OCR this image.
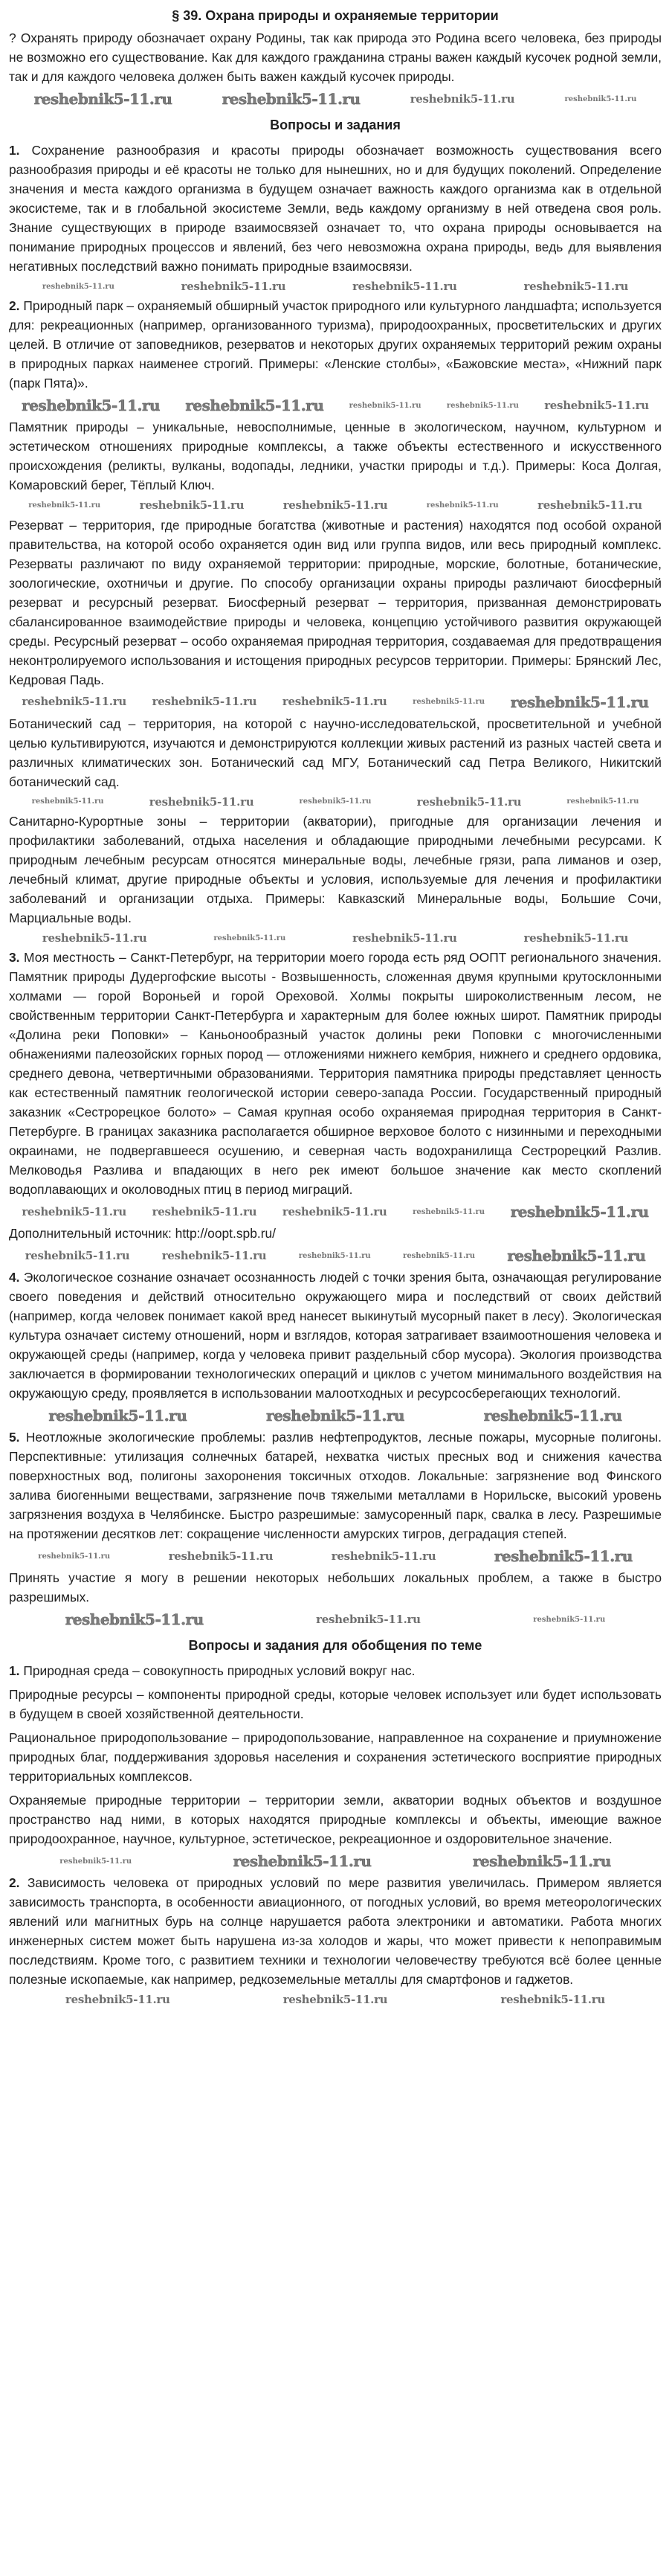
§ 39. Охрана природы и охраняемые территории

? Охранять природу обозначает охрану Родины, так как природа это Родина всего человека, без природы не возможно его существование. Как для каждого гражданина страны важен каждый кусочек родной земли, так и для каждого человека должен быть важен каждый кусочек природы.

reshebnik5-11.ru	reshebnik5-11.ru	reshebnik5-11.ru	reshebnik5-11.ru
Вопросы и задания

1. Сохранение разнообразия и красоты природы обозначает возможность существования всего разнообразия природы и её красоты не только для нынешних, но и для будущих поколений. Определение значения и места каждого организма в будущем означает важность каждого организма как в отдельной экосистеме, так и в глобальной экосистеме Земли, ведь каждому организму в ней отведена своя роль. Знание существующих в природе взаимосвязей означает то, что охрана природы основывается на понимание природных процессов и явлений, без чего невозможна охрана природы, ведь для выявления негативных последствий важно понимать природные взаимосвязи.

reshebnik5-11.ru	reshebnik5-11.ru	reshebnik5-11.ru	reshebnik5-11.ru

2. Природный парк – охраняемый обширный участок природного или культурного ландшафта; используется для: рекреационных (например, организованного туризма), природоохранных, просветительских и других целей. В отличие от заповедников, резерватов и некоторых других охраняемых территорий режим охраны в природных парках наименее строгий. Примеры: «Ленские столбы», «Бажовские места», «Нижний парк (парк Пята)».

reshebnik5-11.ru reshebnik5-11.ru	reshebnik5-11.ru	reshebnik5-11.ru reshebnik5-11.ru

Памятник природы – уникальные, невосполнимые, ценные в экологическом, научном, культурном и эстетическом отношениях природные комплексы, а также объекты естественного и искусственного происхождения (реликты, вулканы, водопады, ледники, участки природы и т.д.). Примеры: Коса Долгая, Комаровский берег, Тёплый Ключ.

reshebnik5-11.ru	reshebnik5-11.ru	reshebnik5-11.ru	reshebnik5-11.ru	reshebnik5-11.ru

Резерват – территория, где природные богатства (животные и растения) находятся под особой охраной правительства, на которой особо охраняется один вид или группа видов, или весь природный комплекс. Резерваты различают по виду охраняемой территории: природные, морские, болотные, ботанические, зоологические, охотничьи и другие. По способу организации охраны природы различают биосферный резерват и ресурсный резерват. Биосферный резерват – территория, призванная демонстрировать сбалансированное взаимодействие природы и человека, концепцию устойчивого развития окружающей среды. Ресурсный резерват – особо охраняемая природная территория, создаваемая для предотвращения неконтролируемого использования и истощения природных ресурсов территории. Примеры: Брянский Лес, Кедровая Падь.

reshebnik5-11.ru reshebnik5-11.ru reshebnik5-11.ru	reshebnik5-11.ru reshebnik5-11.ru

Ботанический сад – территория, на которой с научно-исследовательской, просветительной и учебной целью культивируются, изучаются и демонстрируются коллекции живых растений из разных частей света и различных климатических зон. Ботанический сад МГУ, Ботанический сад Петра Великого, Никитский ботанический сад.

reshebnik5-11.ru	reshebnik5-11.ru	reshebnik5-11.ru	reshebnik5-11.ru	reshebnik5-11.ru

Санитарно-Курортные зоны – территории (акватории), пригодные для организации лечения и профилактики заболеваний, отдыха населения и обладающие природными лечебными ресурсами. К природным лечебным ресурсам относятся минеральные воды, лечебные грязи, рапа лиманов и озер, лечебный климат, другие природные объекты и условия, используемые для лечения и профилактики заболеваний и организации отдыха. Примеры: Кавказский Минеральные воды, Большие Сочи, Марциальные воды.

reshebnik5-11.ru	reshebnik5-11.ru	reshebnik5-11.ru	reshebnik5-11.ru

3. Моя местность – Санкт-Петербург, на территории моего города есть ряд ООПТ регионального значения. Памятник природы Дудергофские высоты - Возвышенность, сложенная двумя крупными крутосклонными холмами — горой Вороньей и горой Ореховой. Холмы покрыты широколиственным лесом, не свойственным территории Санкт-Петербурга и характерным для более южных широт. Памятник природы «Долина реки Поповки» – Каньонообразный участок долины реки Поповки с многочисленными обнажениями палеозойских горных пород — отложениями нижнего кембрия, нижнего и среднего ордовика, среднего девона, четвертичными образованиями. Территория памятника природы представляет ценность как естественный памятник геологической истории северо-запада России. Государственный природный заказник «Сестрорецкое болото» – Самая крупная особо охраняемая природная территория в Санкт-Петербурге. В границах заказника располагается обширное верховое болото с низинными и переходными окраинами, не подвергавшееся осушению, и северная часть водохранилища Сестрорецкий Разлив. Мелководья Разлива и впадающих в него рек имеют большое значение как место скоплений водоплавающих и околоводных птиц в период миграций.

reshebnik5-11.ru reshebnik5-11.ru reshebnik5-11.ru	reshebnik5-11.ru reshebnik5-11.ru

Дополнительный источник: http://oopt.spb.ru/

reshebnik5-11.ru	reshebnik5-11.ru	reshebnik5-11.ru	reshebnik5-11.ru reshebnik5-11.ru

4. Экологическое сознание означает осознанность людей с точки зрения быта, означающая регулирование своего поведения и действий относительно окружающего мира и последствий от своих действий (например, когда человек понимает какой вред нанесет выкинутый мусорный пакет в лесу). Экологическая культура означает систему отношений, норм и взглядов, которая затрагивает взаимоотношения человека и окружающей среды (например, когда у человека привит раздельный сбор мусора). Экология производства заключается в формировании технологических операций и циклов с учетом минимального воздействия на окружающую среду, проявляется в использовании малоотходных и ресурсосберегающих технологий.

reshebnik5-11.ru	reshebnik5-11.ru	reshebnik5-11.ru

5. Неотложные экологические проблемы: разлив нефтепродуктов, лесные пожары, мусорные полигоны. Перспективные: утилизация солнечных батарей, нехватка чистых пресных вод и снижения качества поверхностных вод, полигоны захоронения токсичных отходов. Локальные: загрязнение вод Финского залива биогенными веществами, загрязнение почв тяжелыми металлами в Норильске, высокий уровень загрязнения воздуха в Челябинске. Быстро разрешимые: замусоренный парк, свалка в лесу. Разрешимые на протяжении десятков лет: сокращение численности амурских тигров, деградация степей.

reshebnik5-11.ru	reshebnik5-11.ru	reshebnik5-11.ru	reshebnik5-11.ru

Принять участие я могу в решении некоторых небольших локальных проблем, а также в быстро разрешимых.

reshebnik5-11.ru	reshebnik5-11.ru	reshebnik5-11.ru
Вопросы и задания для обобщения по теме

1. Природная среда – совокупность природных условий вокруг нас.

Природные ресурсы – компоненты природной среды, которые человек использует или будет использовать в будущем в своей хозяйственной деятельности.

Рациональное природопользование – природопользование, направленное на сохранение и приумножение природных благ, поддерживания здоровья населения и сохранения эстетического восприятие природных территориальных комплексов.

Охраняемые природные территории – территории земли, акватории водных объектов и воздушное пространство над ними, в которых находятся природные комплексы и объекты, имеющие важное природоохранное, научное, культурное, эстетическое, рекреационное и оздоровительное значение.

reshebnik5-11.ru	reshebnik5-11.ru	reshebnik5-11.ru

2. Зависимость человека от природных условий по мере развития увеличилась. Примером является зависимость транспорта, в особенности авиационного, от погодных условий, во время метеорологических явлений или магнитных бурь на солнце нарушается работа электроники и автоматики. Работа многих инженерных систем может быть нарушена из-за холодов и жары, что может привести к непоправимым последствиям. Кроме того, с развитием техники и технологии человечеству требуются всё более ценные полезные ископаемые, как например, редкоземельные металлы для смартфонов и гаджетов.

reshebnik5-11.ru	reshebnik5-11.ru	reshebnik5-11.ru
